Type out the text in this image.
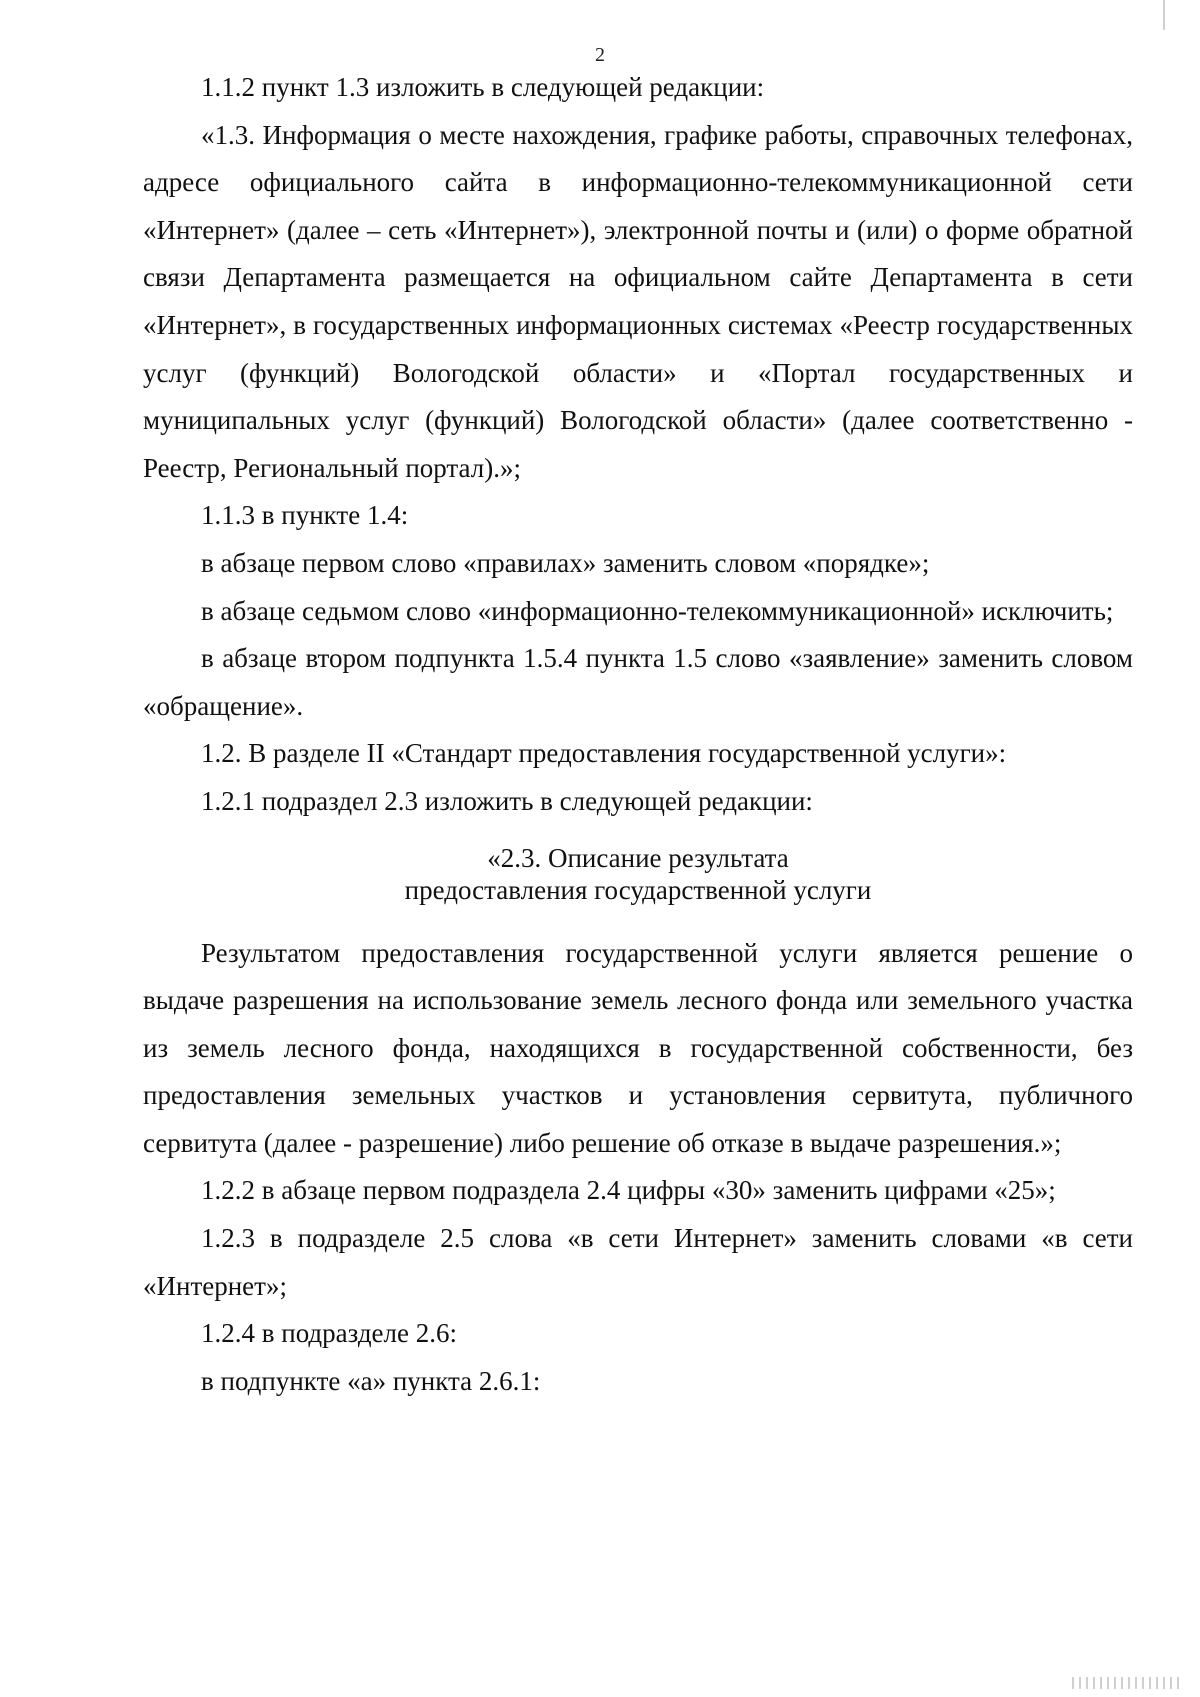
2

1.1.2 пункт 1.3 изложить в следующей редакции:

«1.3. Информация о месте нахождения, графике работы, справочных телефонах, адресе официального сайта в информационно-телекоммуникационной сети «Интернет» (далее – сеть «Интернет»), электронной почты и (или) о форме обратной связи Департамента размещается на официальном сайте Департамента в сети «Интернет», в государственных информационных системах «Реестр государственных услуг (функций) Вологодской области» и «Портал государственных и муниципальных услуг (функций) Вологодской области» (далее соответственно - Реестр, Региональный портал).»;

1.1.3 в пункте 1.4:

в абзаце первом слово «правилах» заменить словом «порядке»;

в абзаце седьмом слово «информационно-телекоммуникационной» исключить;

в абзаце втором подпункта 1.5.4 пункта 1.5 слово «заявление» заменить словом «обращение».

1.2. В разделе II «Стандарт предоставления государственной услуги»:

1.2.1 подраздел 2.3 изложить в следующей редакции:

«2.3. Описание результата
предоставления государственной услуги

Результатом предоставления государственной услуги является решение о выдаче разрешения на использование земель лесного фонда или земельного участка из земель лесного фонда, находящихся в государственной собственности, без предоставления земельных участков и установления сервитута, публичного сервитута (далее - разрешение) либо решение об отказе в выдаче разрешения.»;

1.2.2 в абзаце первом подраздела 2.4 цифры «30» заменить цифрами «25»;

1.2.3 в подразделе 2.5 слова «в сети Интернет» заменить словами «в сети «Интернет»;

1.2.4 в подразделе 2.6:

в подпункте «а» пункта 2.6.1:
